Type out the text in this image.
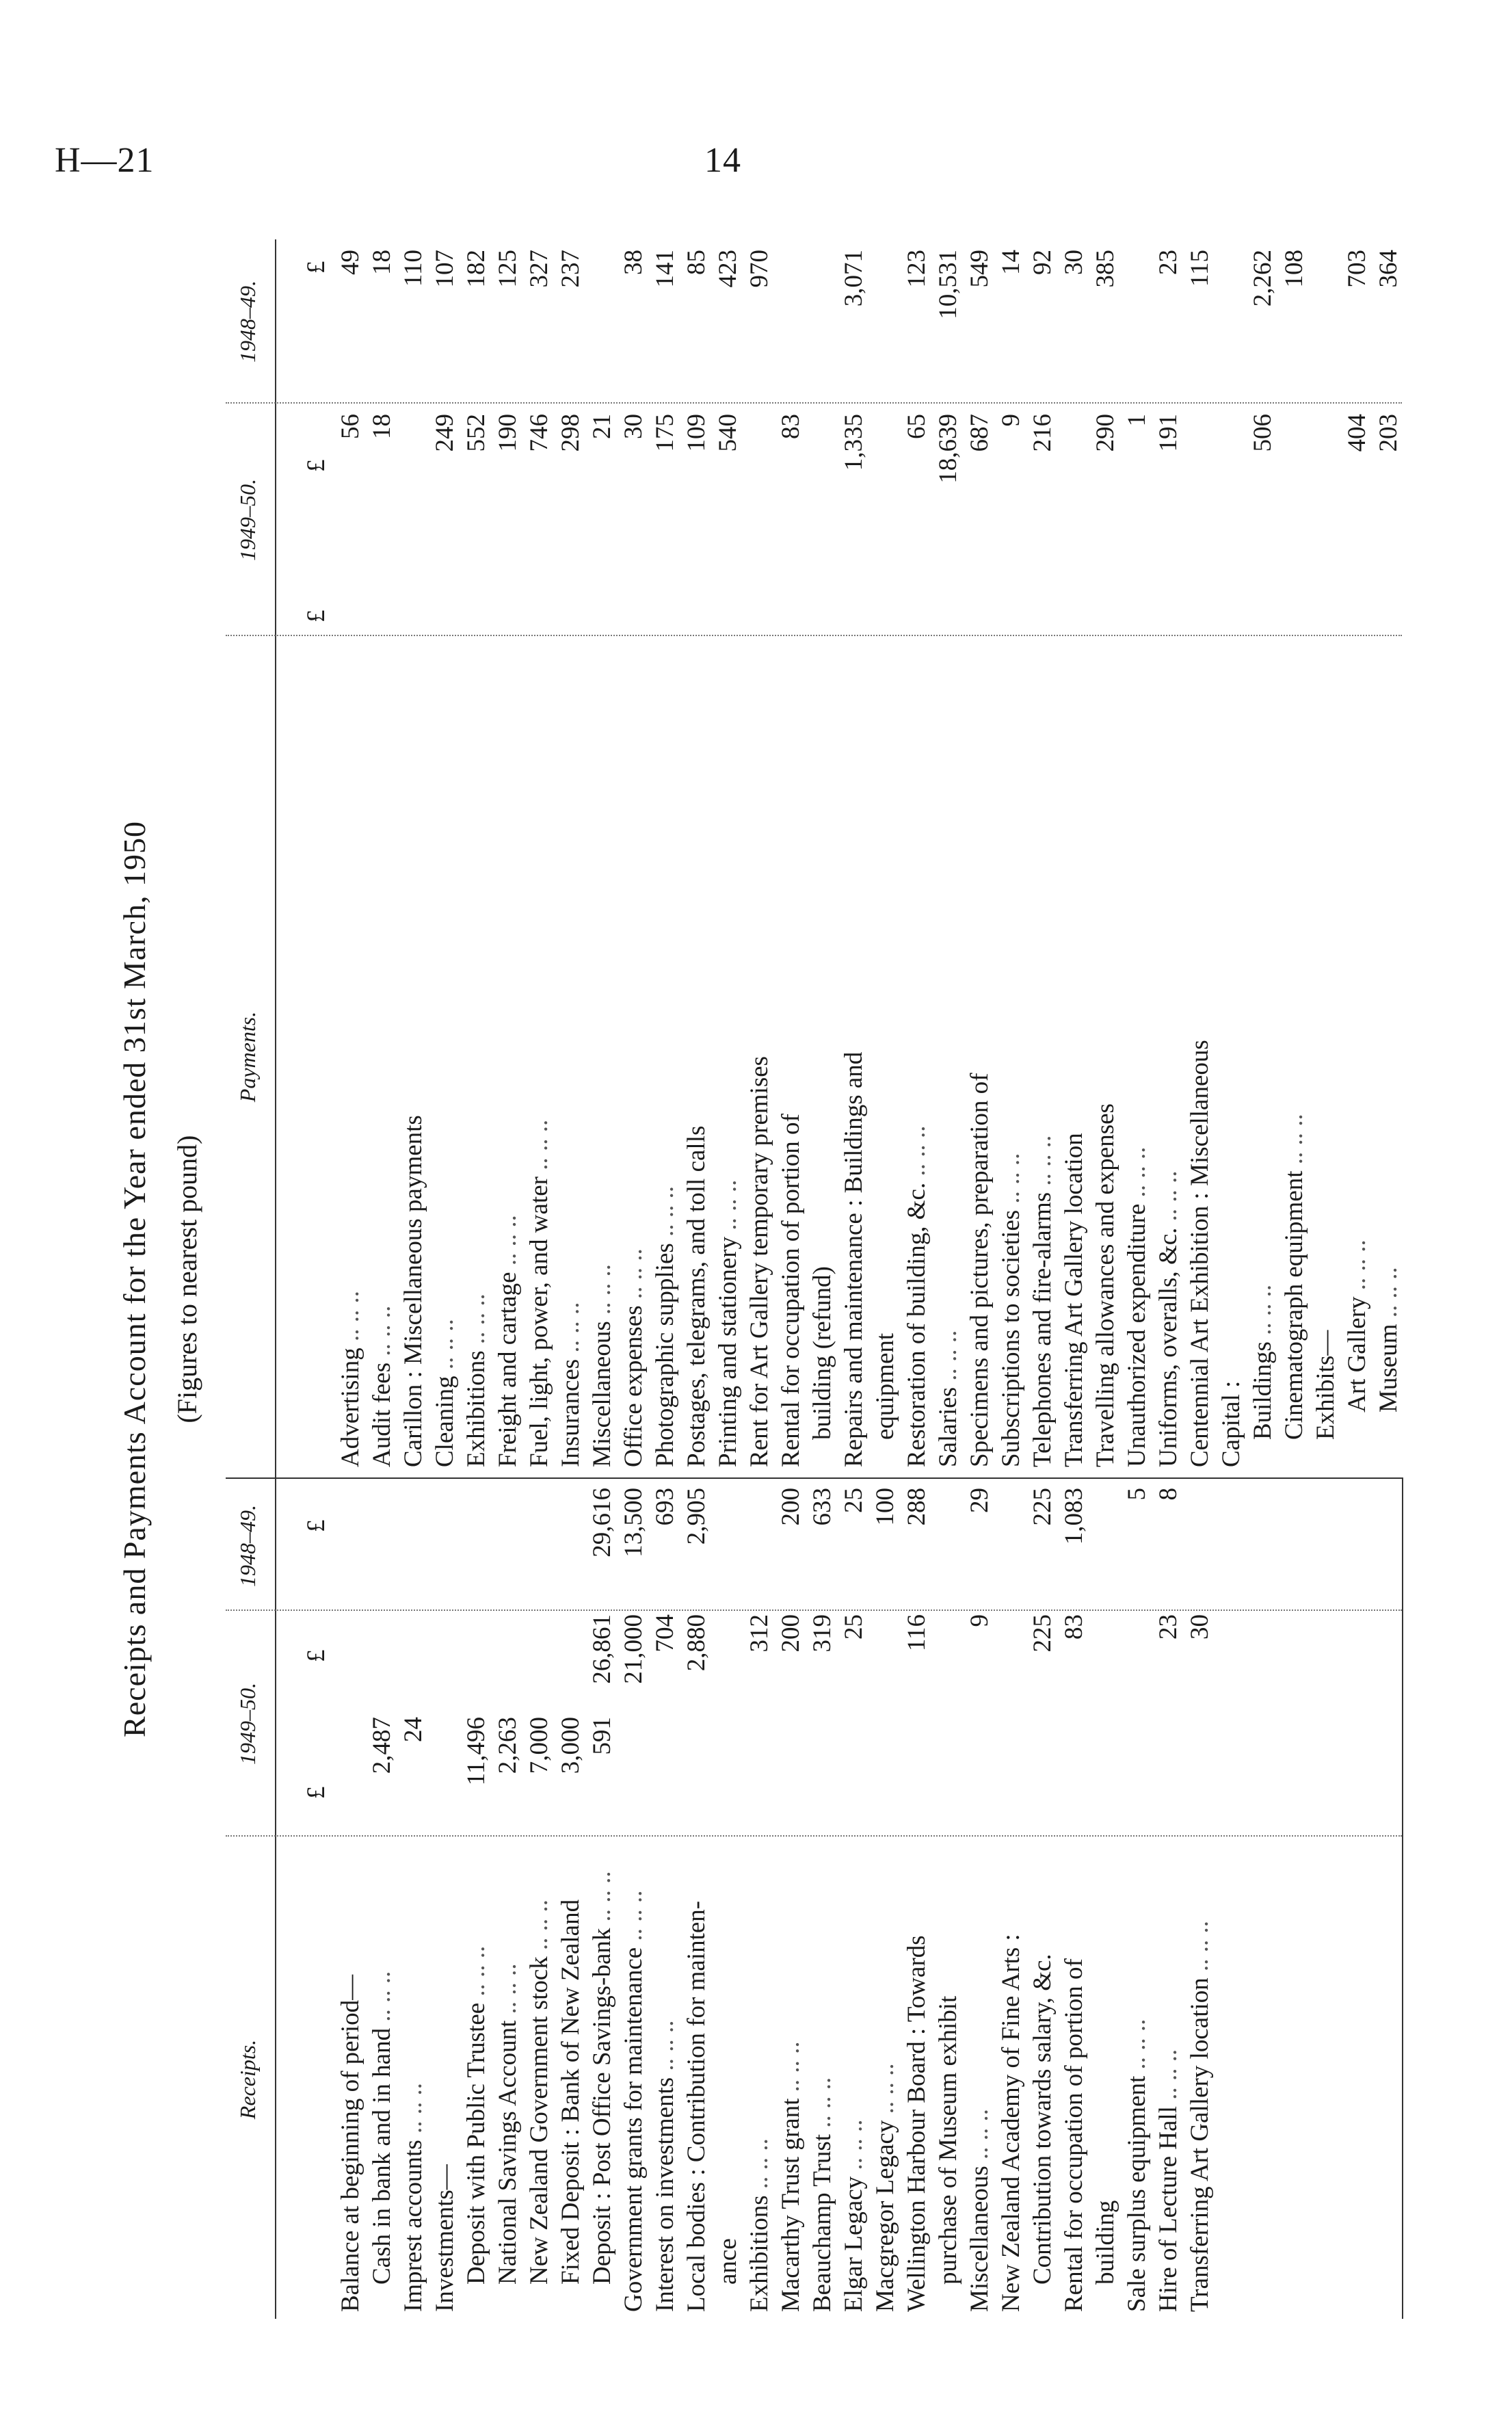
H—21	14
Receipts and Payments Account for the Year ended 31st March, 1950 (Figures to nearest pound)
Receipts.
1949–50.
1948–49.
Payments.
1949–50.
1948–49.
Balance at beginning of period— Cash in bank and in hand .. .. ..
2,487
Imprest accounts .. .. ..
24
Investments— Deposit with Public Trustee .. .. ..
11,496
National Savings Account .. .. ..
2,263
New Zealand Government stock .. .. ..
7,000
Fixed Deposit : Bank of New Zealand
3,000
Deposit : Post Office Savings-bank .. .. ..
591
26,861
29,616
Government grants for maintenance .. .. ..
21,000
13,500
Interest on investments .. .. ..
704
693
Local bodies : Contribution for mainten-
2,880
2,905
ance Exhibitions .. .. ..
312
Macarthy Trust grant .. .. ..
200
200
Beauchamp Trust .. .. ..
319
633
Elgar Legacy .. .. ..
25
25
Macgregor Legacy .. .. ..
100
Wellington Harbour Board : Towards
116
288
purchase of Museum exhibit Miscellaneous .. .. ..
9
29
New Zealand Academy of Fine Arts : Contribution towards salary, &c.
225
225
Rental for occupation of portion of
83
1,083
building Sale surplus equipment .. .. ..
5
Hire of Lecture Hall .. .. ..
23
8
Transferring Art Gallery location .. .. ..
30
Advertising .. .. ..
56
49
Audit fees .. .. ..
18
18
Carillon : Miscellaneous payments
110
Cleaning .. .. ..
249
107
Exhibitions .. .. ..
552
182
Freight and cartage .. .. ..
190
125
Fuel, light, power, and water .. .. ..
746
327
Insurances .. .. ..
298
237
Miscellaneous .. .. ..
21
Office expenses .. .. ..
30
38
Photographic supplies .. .. ..
175
141
Postages, telegrams, and toll calls
109
85
Printing and stationery .. .. ..
540
423
Rent for Art Gallery temporary premises
970
Rental for occupation of portion of
83
building (refund) Repairs and maintenance : Buildings and
1,335
3,071
equipment Restoration of building, &c. .. .. ..
65
123
Salaries .. .. ..
18,639
10,531
Specimens and pictures, preparation of
687
549
Subscriptions to societies .. .. ..
9
14
Telephones and fire-alarms .. .. ..
216
92
Transferring Art Gallery location
30
Travelling allowances and expenses
290
385
Unauthorized expenditure .. .. ..
1
Uniforms, overalls, &c. .. .. ..
191
23
Centennial Art Exhibition : Miscellaneous
115
Capital : Buildings .. .. ..
506
2,262
Cinematograph equipment .. .. ..
108
Exhibits— Art Gallery .. .. ..
404
703
Museum .. .. ..
203
364
£
£
£
£
£
£
